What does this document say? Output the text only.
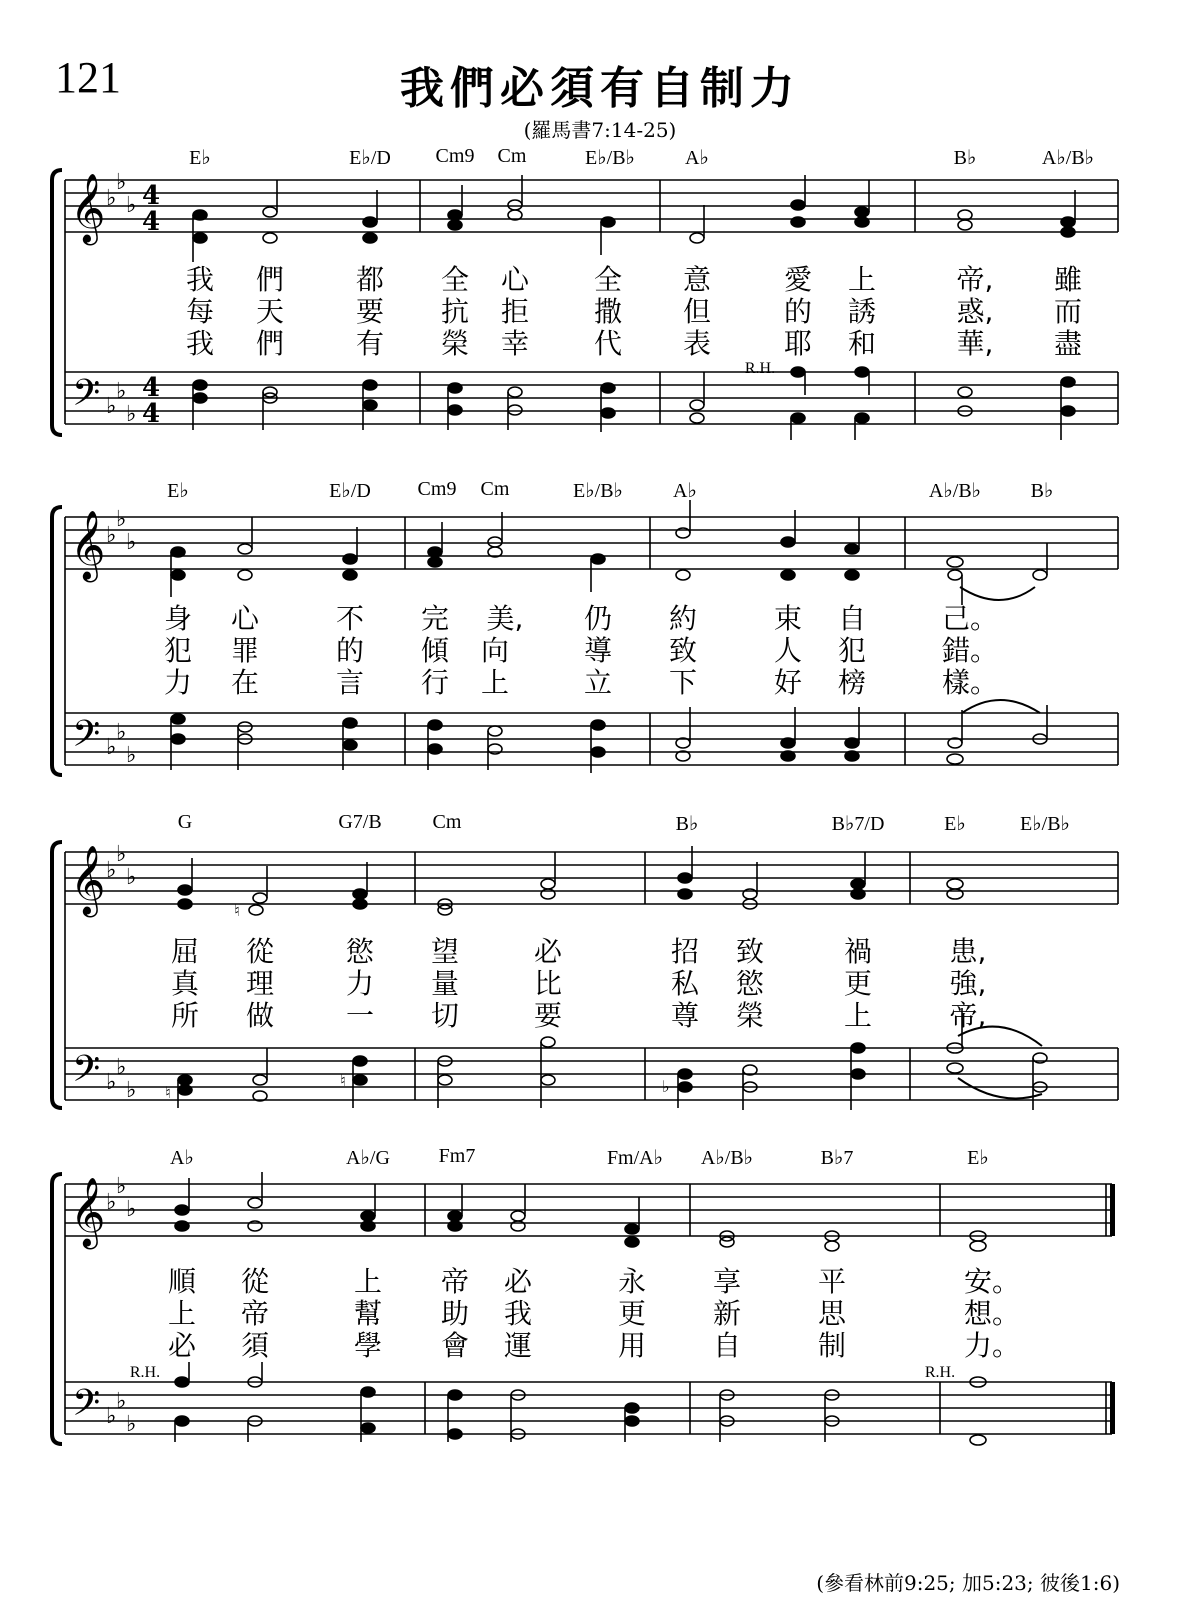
121	我們必須有自制力
(羅馬書7:14-25)
𝄞
𝄢
♭
♭
♭
♭
♭
♭
4
4
4
4
E♭	E♭/D Cm9 Cm	E♭/B♭	A♭	B♭	A♭/B♭
R.H.
我 們	都 全 心 全 意	愛 上	帝, 雖
每 天	要 抗 拒 撒 但	的 誘	惑, 而
我 們	有 榮 幸 代 表	耶 和	華, 盡
𝄞
𝄢
♭
♭
♭
♭
♭
♭
E♭	E♭/D Cm9 Cm	E♭/B♭	A♭	A♭/B♭ B♭
身 心	不 完 美, 仍 約	束 自	己。
犯 罪	的 傾 向	導 致	人 犯	錯。
力 在	言 行 上	立 下	好 榜	樣。
𝄞
𝄢
♭
♭
♭
♭
♭
♭
♮
♮
♮	♭
G	G7/B	Cm	B♭	B♭7/D	E♭	E♭/B♭
屈 從	慾 望	必	招 致	禍	患,
真 理	力 量	比	私 慾	更	強,
所 做	一 切	要	尊 榮	上	帝,
𝄞
𝄢
♭
♭
♭
♭
♭
♭
A♭	A♭/G Fm7	Fm/A♭ A♭/B♭	B♭7	E♭
R.H.	R.H.
順 從	上 帝 必	永 享	平	安。
上 帝	幫 助 我	更 新	思	想。
必 須	學 會 運	用 自	制	力。
(參看林前9:25; 加5:23; 彼後1:6)
